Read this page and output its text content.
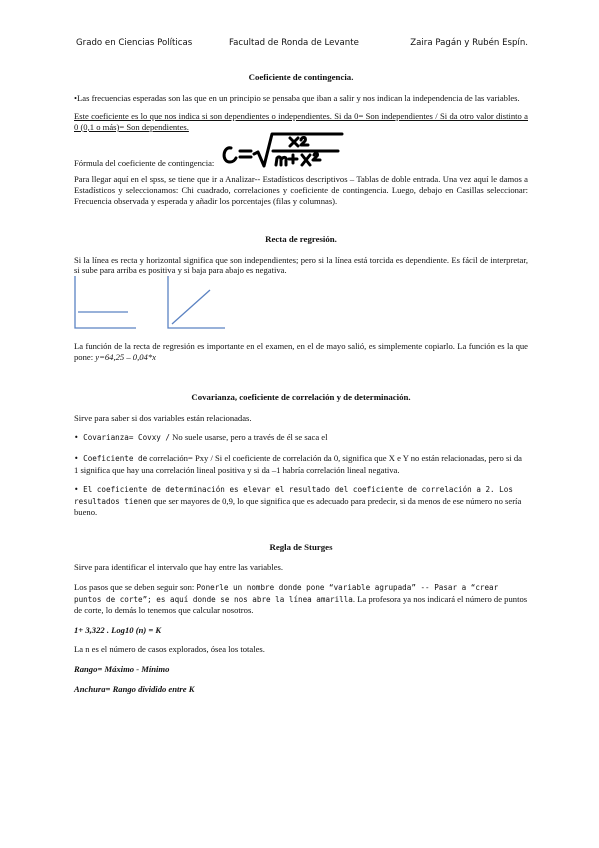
Grado en Ciencias Políticas	Facultad de Ronda de Levante	Zaira Pagán y Rubén Espín.

Coeficiente de contingencia.

•Las frecuencias esperadas son las que en un principio se pensaba que iban a salir y nos indican la independencia de las variables.

Este coeficiente es lo que nos indica si son dependientes o independientes. Si da 0= Son independientes / Si da otro valor distinto a 0 (0,1 o más)= Son dependientes.

Fórmula del coeficiente de contingencia:

Para llegar aquí en el spss, se tiene que ir a Analizar-- Estadísticos descriptivos – Tablas de doble entrada. Una vez aquí le damos a Estadísticos y seleccionamos: Chi cuadrado, correlaciones y coeficiente de contingencia. Luego, debajo en Casillas seleccionar: Frecuencia observada y esperada y añadir los porcentajes (filas y columnas).

Recta de regresión.

Si la línea es recta y horizontal significa que son independientes; pero si la línea está torcida es dependiente. Es fácil de interpretar, si sube para arriba es positiva y si baja para abajo es negativa.

La función de la recta de regresión es importante en el examen, en el de mayo salió, es simplemente copiarlo. La función es la que pone: y=64,25 – 0,04*x

Covarianza, coeficiente de correlación y de determinación.

Sirve para saber si dos variables están relacionadas.

• Covarianza= Covxy / No suele usarse, pero a través de él se saca el

• Coeficiente de correlación= Pxy / Si el coeficiente de correlación da 0, significa que X e Y no están relacionadas, pero si da 1 significa que hay una correlación lineal positiva y si da –1 habría correlación lineal negativa.

• El coeficiente de determinación es elevar el resultado del coeficiente de correlación a 2. Los resultados tienen que ser mayores de 0,9, lo que significa que es adecuado para predecir, si da menos de ese número no sería bueno.

Regla de Sturges

Sirve para identificar el intervalo que hay entre las variables.

Los pasos que se deben seguir son: Ponerle un nombre donde pone “variable agrupada” -- Pasar a “crear puntos de corte”; es aquí donde se nos abre la línea amarilla. La profesora ya nos indicará el número de puntos de corte, lo demás lo tenemos que calcular nosotros.

1+ 3,322 . Log10 (n) = K

La n es el número de casos explorados, ósea los totales.

Rango= Máximo - Mínimo

Anchura= Rango dividido entre K
